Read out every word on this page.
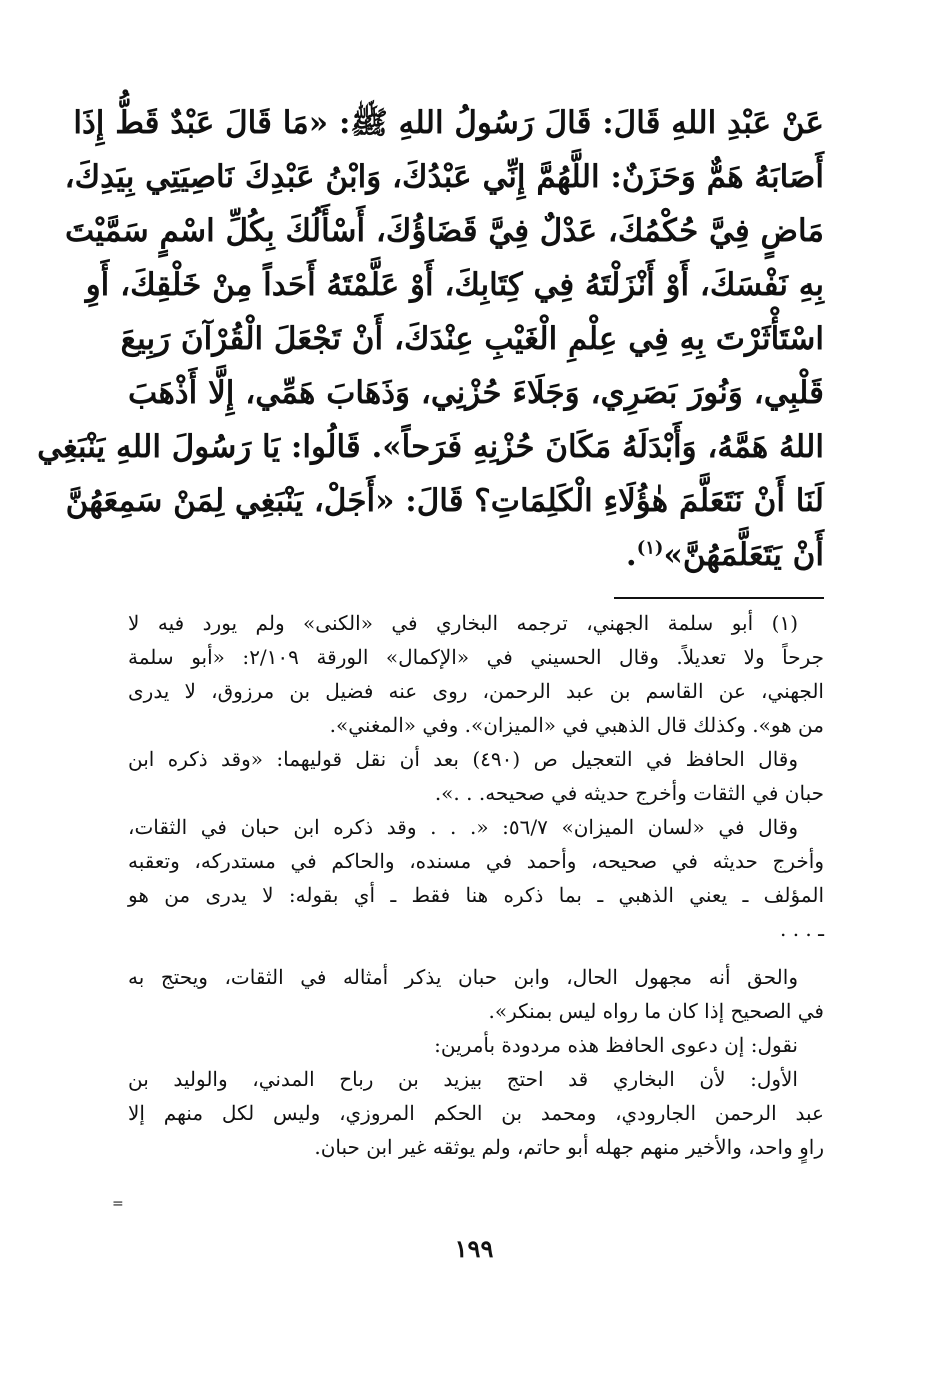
عَنْ عَبْدِ اللهِ قَالَ: قَالَ رَسُولُ اللهِ ﷺ: «مَا قَالَ عَبْدٌ قَطُّ إِذَا
أَصَابَهُ هَمٌّ وَحَزَنٌ: اللَّهُمَّ إِنِّي عَبْدُكَ، وَابْنُ عَبْدِكَ نَاصِيَتِي بِيَدِكَ،
مَاضٍ فِيَّ حُكْمُكَ، عَدْلٌ فِيَّ قَضَاؤُكَ، أَسْأَلُكَ بِكُلِّ اسْمٍ سَمَّيْتَ
بِهِ نَفْسَكَ، أَوْ أَنْزَلْتَهُ فِي كِتَابِكَ، أَوْ عَلَّمْتَهُ أَحَداً مِنْ خَلْقِكَ، أَوِ
اسْتَأْثَرْتَ بِهِ فِي عِلْمِ الْغَيْبِ عِنْدَكَ، أَنْ تَجْعَلَ الْقُرْآنَ رَبِيعَ
قَلْبِي، وَنُورَ بَصَرِي، وَجَلَاءَ حُزْنِي، وَذَهَابَ هَمِّي، إِلَّا أَذْهَبَ
اللهُ هَمَّهُ، وَأَبْدَلَهُ مَكَانَ حُزْنِهِ فَرَحاً». قَالُوا: يَا رَسُولَ اللهِ يَنْبَغِي
لَنَا أَنْ نَتَعَلَّمَ هٰؤُلَاءِ الْكَلِمَاتِ؟ قَالَ: «أَجَلْ، يَنْبَغِي لِمَنْ سَمِعَهُنَّ
أَنْ يَتَعَلَّمَهُنَّ»$^{(١)}$.
(١) أبو سلمة الجهني، ترجمه البخاري في «الكنى» ولم يورد فيه لا
جرحاً ولا تعديلاً. وقال الحسيني في «الإكمال» الورقة ٢/١٠٩: «أبو سلمة
الجهني، عن القاسم بن عبد الرحمن، روى عنه فضيل بن مرزوق، لا يدرى
من هو». وكذلك قال الذهبي في «الميزان». وفي «المغني».
وقال الحافظ في التعجيل ص (٤٩٠) بعد أن نقل قوليهما: «وقد ذكره ابن
حبان في الثقات وأخرج حديثه في صحيحه. . .».
وقال في «لسان الميزان» ٥٦/٧: «. . . وقد ذكره ابن حبان في الثقات،
وأخرج حديثه في صحيحه، وأحمد في مسنده، والحاكم في مستدركه، وتعقبه
المؤلف ـ يعني الذهبي ـ بما ذكره هنا فقط ـ أي بقوله: لا يدرى من هو
ـ . . .
والحق أنه مجهول الحال، وابن حبان يذكر أمثاله في الثقات، ويحتج به
في الصحيح إذا كان ما رواه ليس بمنكر».
نقول: إن دعوى الحافظ هذه مردودة بأمرين:
الأول: لأن البخاري قد احتج بيزيد بن رباح المدني، والوليد بن
عبد الرحمن الجارودي، ومحمد بن الحكم المروزي، وليس لكل منهم إلا
راوٍ واحد، والأخير منهم جهله أبو حاتم، ولم يوثقه غير ابن حبان.
=
١٩٩
